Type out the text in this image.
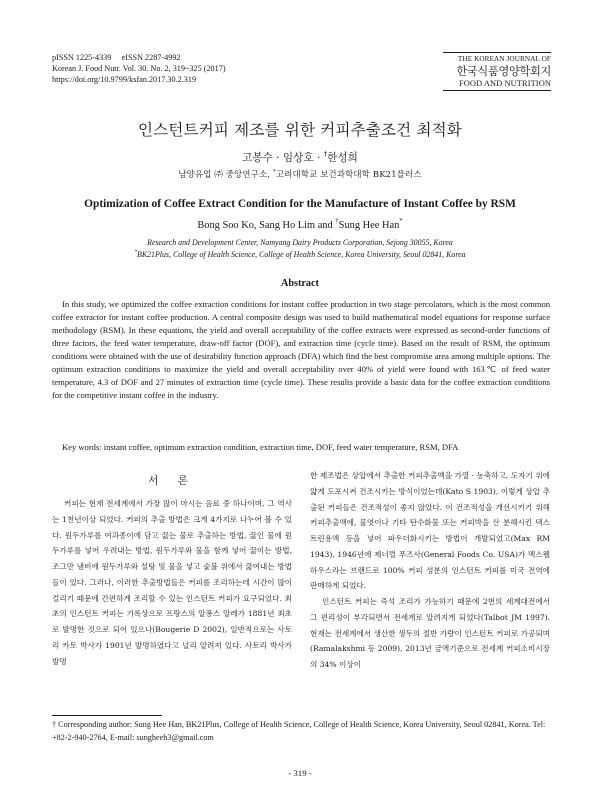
pISSN 1225-4339     eISSN 2287-4992
Korean J. Food Nutr. Vol. 30. No. 2, 319~325 (2017)
https://doi.org/10.9799/ksfan.2017.30.2.319
THE KOREAN JOURNAL OF
한국식품영양학회지
FOOD AND NUTRITION
인스턴트커피 제조를 위한 커피추출조건 최적화
고봉수 · 임상호 · †한성희
남양유업 ㈜ 중앙연구소, *고려대학교 보건과학대학 BK21플러스
Optimization of Coffee Extract Condition for the Manufacture of Instant Coffee by RSM
Bong Soo Ko, Sang Ho Lim and †Sung Hee Han*
Research and Development Center, Namyang Dairy Products Corporation, Sejong 30055, Korea
*BK21Plus, College of Health Science, College of Health Science, Korea University, Seoul 02841, Korea
Abstract

In this study, we optimized the coffee extraction conditions for instant coffee production in two stage percolators, which is the most common coffee extractor for instant coffee production. A central composite design was used to build mathematical model equations for response surface methodology (RSM). In these equations, the yield and overall acceptability of the coffee extracts were expressed as second-order functions of three factors, the feed water temperature, draw-off factor (DOF), and extraction time (cycle time). Based on the result of RSM, the optimum conditions were obtained with the use of desirability function approach (DFA) which find the best compromise area among multiple options. The optimum extraction conditions to maximize the yield and overall acceptability over 40% of yield were found with 163℃ of feed water temperature, 4.3 of DOF and 27 minutes of extraction time (cycle time). These results provide a basic data for the coffee extraction conditions for the competitive instant coffee in the industry.

Key words: instant coffee, optimum extraction condition, extraction time, DOF, feed water temperature, RSM, DFA
서 론

커피는 현재 전세계에서 가장 많이 마시는 음료 중 하나이며, 그 역사는 1천년이상 되었다. 커피의 추출 방법은 크게 4가지로 나누어 볼 수 있다. 원두가루를 여과종이에 담고 끓는 물로 추출하는 방법, 끓인 물에 원두가루를 넣어 우려내는 방법, 원두가루와 물을 함께 넣어 끓이는 방법, 조그만 냄비에 원두가루와 설탕 및 물을 넣고 숯불 위에서 끓여내는 방법들이 있다. 그러나, 이러한 추출방법들은 커피를 조리하는데 시간이 많이 걸리기 때문에 간편하게 조리할 수 있는 인스턴트 커피가 요구되었다. 최초의 인스턴트 커피는 기록상으로 프랑스의 알퐁스 알레가 1881년 최초로 발명한 것으로 되어 있으나(Bougerie D 2002), 일반적으로는 사토리 카토 박사가 1901년 발명하였다고 널리 알려져 있다. 사토리 박사가 발명

한 제조법은 상압에서 추출한 커피추출액을 가열 · 농축하고, 도자기 위에 얇게 도포시켜 건조시키는 방식이었는데(Kato S 1903), 이렇게 상압 추출된 커피들은 건조적성이 좋지 않았다. 이 건조적성을 개선시키기 위해 커피추출액에, 물엿이나 기타 탄수화물 또는 커피박을 산 분해시킨 덱스트린용액 등을 넣어 파우더화시키는 방법이 개발되었고(Max RM 1943), 1946년에 제너럴 푸즈사(General Foods Co. USA)가 맥스웰하우스라는 브랜드로 100% 커피 성분의 인스턴트 커피를 미국 전역에 판매하게 되었다.

인스턴트 커피는 즉석 조리가 가능하기 때문에 2번의 세계대전에서 그 편리성이 부각되면서 전세계로 알려지게 되었다(Talbot JM 1997). 현재는 전세계에서 생산한 생두의 절반 가량이 인스턴트 커피로 가공되며(Ramalakshmi 등 2009), 2013년 금액기준으로 전세계 커피소비시장의 34% 이상이

† Corresponding author: Sung Hee Han, BK21Plus, College of Health Science, College of Health Science, Korea University, Seoul 02841, Korea. Tel: +82-2-940-2764, E-mail: sungheeh3@gmail.com
- 319 -
